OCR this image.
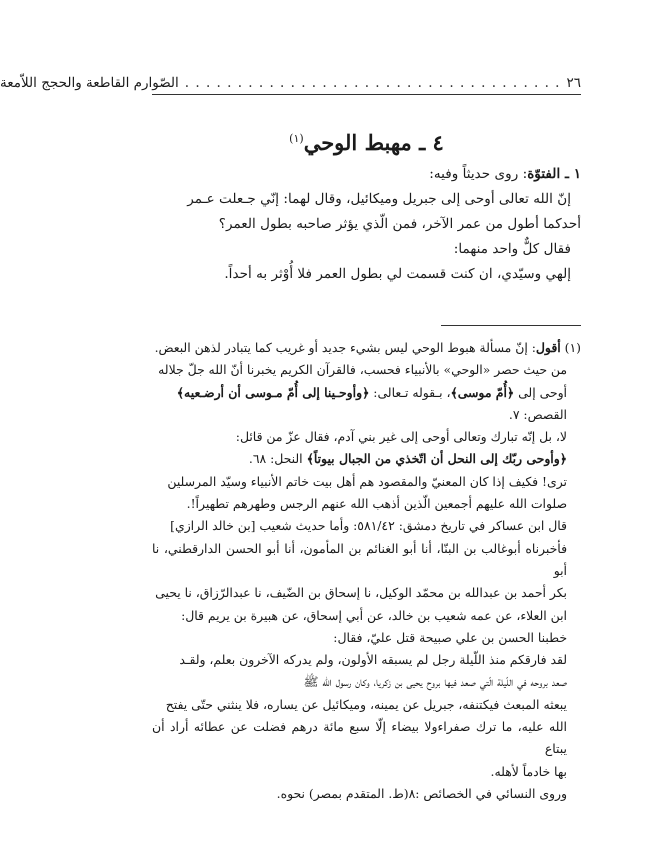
٢٦
. . . . . . . . . . . . . . . . . . . . . . . . . . . . . . . . . . . .
الصّوارم القاطعة والحجج اللاّمعة
٤ ـ مهبط الوحي$^{(١)}$

١ ـ الفتوّة: روى حديثاً وفيه:

إنّ الله تعالى أوحى إلى جبريل وميكائيل، وقال لهما: إنّي جـعلت عـمر

أحدكما أطول من عمر الآخر، فمن الّذي يؤثر صاحبه بطول العمر؟

فقال كلٌّ واحد منهما:

إلهي وسيّدي، ان كنت قسمت لي بطول العمر فلا أُوْثر به أحداً.

(١) أقول: إنّ مسألة هبوط الوحي ليس بشيء جديد أو غريب كما يتبادر لذهن البعض.

من حيث حصر «الوحي» بالأنبياء فحسب، فالقرآن الكريم يخبرنا أنّ الله جلّ جلاله

أوحى إلى ﴿أُمّ موسى﴾، بـقوله تـعالى: ﴿وأوحـينا إلى أُمّ مـوسى أن أرضـعيه﴾

القصص: ٧.

لا، بل إنّه تبارك وتعالى أوحى إلى غير بني آدم، فقال عزّ من قائل:

﴿وأوحى ربّك إلى النحل أن اتّخذي من الجبال بيوتاً﴾ النحل: ٦٨.

ترى! فكيف إذا كان المعنيّ والمقصود هم أهل بيت خاتم الأنبياء وسيّد المرسلين

صلوات الله عليهم أجمعين الّذين أذهب الله عنهم الرجس وطهرهم تطهيراً!.

قال ابن عساكر في تاريخ دمشق: ٥٨١/٤٢: وأما حديث شعيب [بن خالد الرازي]

فأخبرناه أبوغالب بن البنّا، أنا أبو الغنائم بن المأمون، أنا أبو الحسن الدارقطني، نا أبو

بكر أحمد بن عبدالله بن محمّد الوكيل، نا إسحاق بن الضّيف، نا عبدالرّزاق، نا يحيى

ابن العلاء، عن عمه شعيب بن خالد، عن أبي إسحاق، عن هبيرة بن يريم قال:

خطبنا الحسن بن علي صبيحة قتل عليّ، فقال:

لقد فارقكم منذ اللّيلة رجل لم يسبقه الأولون، ولم يدركه الآخرون بعلم، ولقـد

صعد بروحه في اللّيلة الّتي صعد فيها بروح يحيى بن زكريا، وكان رسول الله ﷺ

يبعثه المبعث فيكتنفه، جبريل عن يمينه، وميكائيل عن يساره، فلا ينثني حتّى يفتح

الله عليه، ما ترك صفراءولا بيضاء إلّا سبع مائة درهم فضلت عن عطائه أراد أن يبتاع

بها خادماً لأهله.

وروى النسائي في الخصائص :٨(ط. المتقدم بمصر) نحوه.
